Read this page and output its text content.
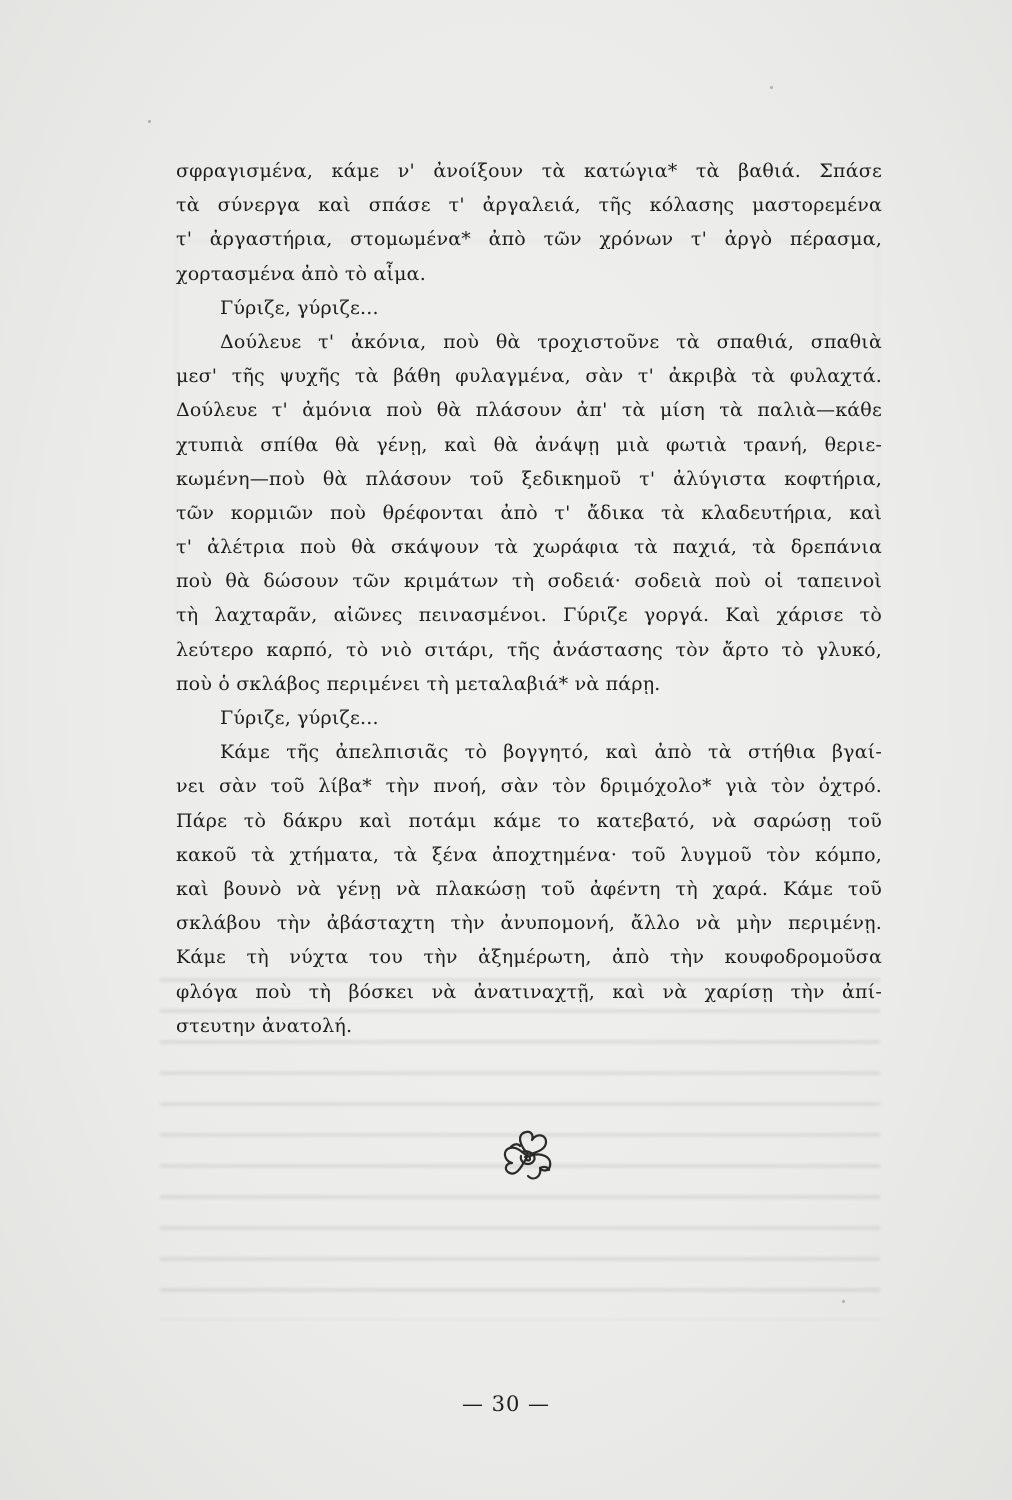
σφραγισμένα, κάμε ν' ἀνοίξουν τὰ κατώγια* τὰ βαθιά. Σπάσε
τὰ σύνεργα καὶ σπάσε τ' ἀργαλειά, τῆς κόλασης μαστορεμένα
τ' ἀργαστήρια, στομωμένα* ἀπὸ τῶν χρόνων τ' ἀργὸ πέρασμα,
χορτασμένα ἀπὸ τὸ αἷμα.
Γύριζε, γύριζε...
Δούλευε τ' ἀκόνια, ποὺ θὰ τροχιστοῦνε τὰ σπαθιά, σπαθιὰ
μεσ' τῆς ψυχῆς τὰ βάθη φυλαγμένα, σὰν τ' ἀκριβὰ τὰ φυλαχτά.
Δούλευε τ' ἀμόνια ποὺ θὰ πλάσουν ἀπ' τὰ μίση τὰ παλιὰ—κάθε
χτυπιὰ σπίθα θὰ γένῃ, καὶ θὰ ἀνάψῃ μιὰ φωτιὰ τρανή, θεριε-
κωμένη—ποὺ θὰ πλάσουν τοῦ ξεδικημοῦ τ' ἀλύγιστα κοφτήρια,
τῶν κορμιῶν ποὺ θρέφονται ἀπὸ τ' ἄδικα τὰ κλαδευτήρια, καὶ
τ' ἀλέτρια ποὺ θὰ σκάψουν τὰ χωράφια τὰ παχιά, τὰ δρεπάνια
ποὺ θὰ δώσουν τῶν κριμάτων τὴ σοδειά· σοδειὰ ποὺ οἱ ταπεινοὶ
τὴ λαχταρᾶν, αἰῶνες πεινασμένοι. Γύριζε γοργά. Καὶ χάρισε τὸ
λεύτερο καρπό, τὸ νιὸ σιτάρι, τῆς ἀνάστασης τὸν ἄρτο τὸ γλυκό,
ποὺ ὁ σκλάβος περιμένει τὴ μεταλαβιά* νὰ πάρῃ.
Γύριζε, γύριζε...
Κάμε τῆς ἀπελπισιᾶς τὸ βογγητό, καὶ ἀπὸ τὰ στήθια βγαί-
νει σὰν τοῦ λίβα* τὴν πνοή, σὰν τὸν δριμόχολο* γιὰ τὸν ὀχτρό.
Πάρε τὸ δάκρυ καὶ ποτάμι κάμε το κατεβατό, νὰ σαρώσῃ τοῦ
κακοῦ τὰ χτήματα, τὰ ξένα ἀποχτημένα· τοῦ λυγμοῦ τὸν κόμπο,
καὶ βουνὸ νὰ γένῃ νὰ πλακώσῃ τοῦ ἀφέντη τὴ χαρά. Κάμε τοῦ
σκλάβου τὴν ἀβάσταχτη τὴν ἀνυπομονή, ἄλλο νὰ μὴν περιμένῃ.
Κάμε τὴ νύχτα του τὴν ἀξημέρωτη, ἀπὸ τὴν κουφοδρομοῦσα
φλόγα ποὺ τὴ βόσκει νὰ ἀνατιναχτῇ, καὶ νὰ χαρίσῃ τὴν ἀπί-
στευτην ἀνατολή.
— 30 —
